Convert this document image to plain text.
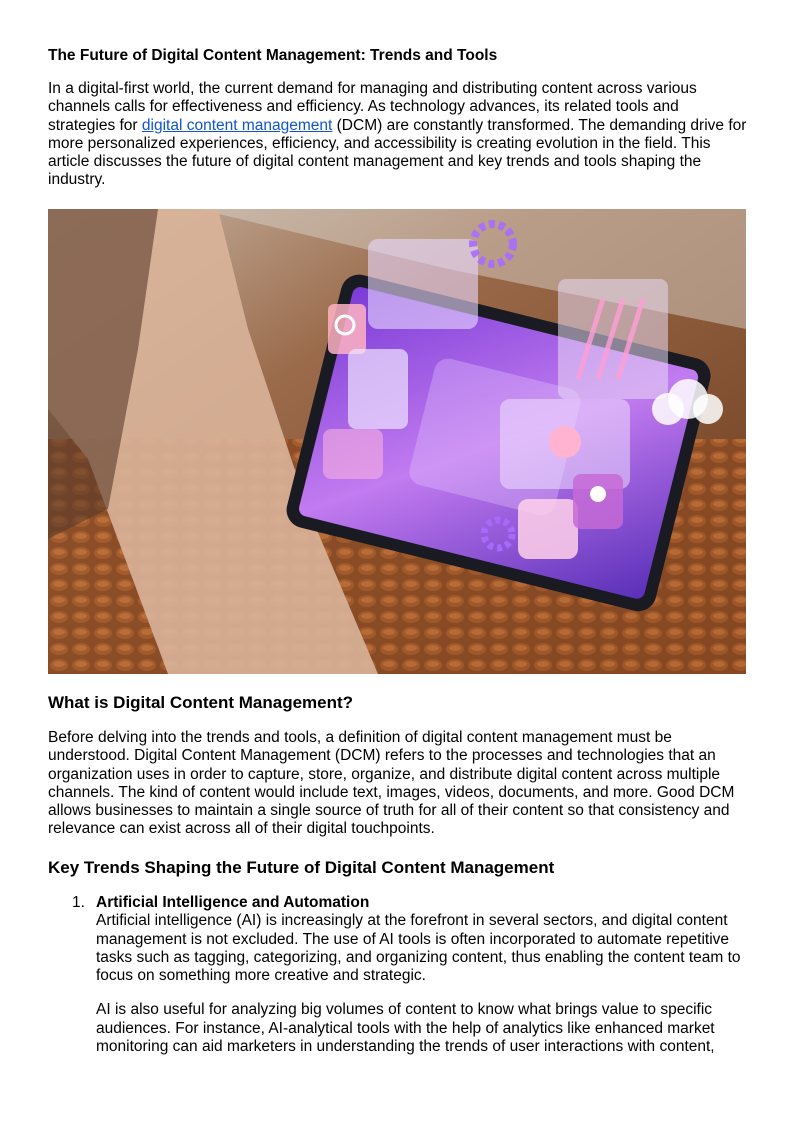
The Future of Digital Content Management: Trends and Tools

In a digital-first world, the current demand for managing and distributing content across various channels calls for effectiveness and efficiency. As technology advances, its related tools and strategies for digital content management (DCM) are constantly transformed. The demanding drive for more personalized experiences, efficiency, and accessibility is creating evolution in the field. This article discusses the future of digital content management and key trends and tools shaping the industry.

What is Digital Content Management?

Before delving into the trends and tools, a definition of digital content management must be understood. Digital Content Management (DCM) refers to the processes and technologies that an organization uses in order to capture, store, organize, and distribute digital content across multiple channels. The kind of content would include text, images, videos, documents, and more. Good DCM allows businesses to maintain a single source of truth for all of their content so that consistency and relevance can exist across all of their digital touchpoints.

Key Trends Shaping the Future of Digital Content Management
1. Artificial Intelligence and Automation

Artificial intelligence (AI) is increasingly at the forefront in several sectors, and digital content management is not excluded. The use of AI tools is often incorporated to automate repetitive tasks such as tagging, categorizing, and organizing content, thus enabling the content team to focus on something more creative and strategic.

AI is also useful for analyzing big volumes of content to know what brings value to specific audiences. For instance, AI-analytical tools with the help of analytics like enhanced market monitoring can aid marketers in understanding the trends of user interactions with content,
